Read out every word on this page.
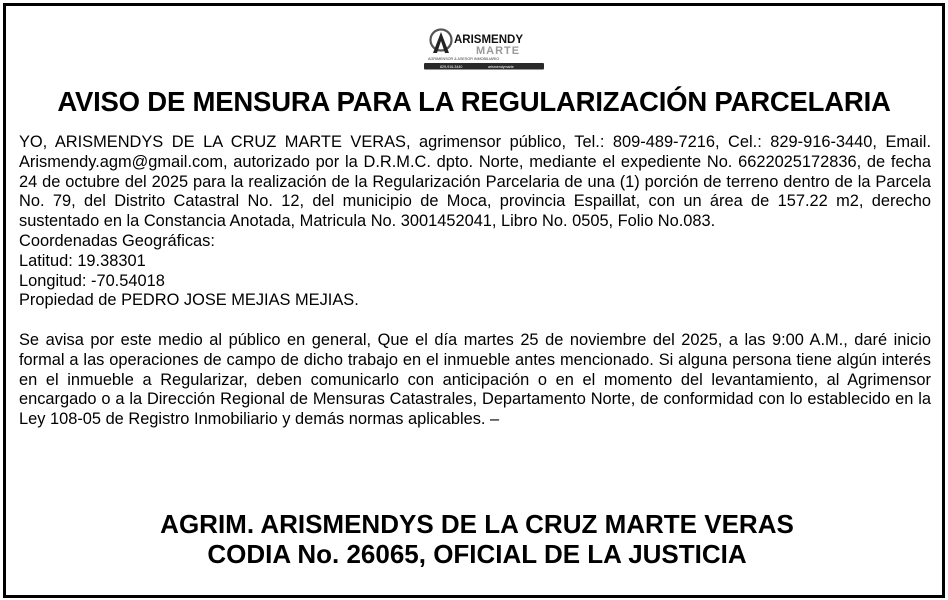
ARISMENDY
MARTE
AGRIMENSOR & ASESOR INMOBILIARIO
829-916-3440	arismendymarte
AVISO DE MENSURA PARA LA REGULARIZACIÓN PARCELARIA

YO, ARISMENDYS DE LA CRUZ MARTE VERAS, agrimensor público, Tel.: 809-489-7216, Cel.: 829-916-3440, Email. Arismendy.agm@gmail.com, autorizado por la D.R.M.C. dpto. Norte, mediante el expediente No. 6622025172836, de fecha 24 de octubre del 2025 para la realización de la Regularización Parcelaria de una (1) porción de terreno dentro de la Parcela No. 79, del Distrito Catastral No. 12, del municipio de Moca, provincia Espaillat, con un área de 157.22 m2, derecho sustentado en la Constancia Anotada, Matricula No. 3001452041, Libro No. 0505, Folio No.083.

Coordenadas Geográficas:

Latitud: 19.38301

Longitud: -70.54018

Propiedad de PEDRO JOSE MEJIAS MEJIAS.

Se avisa por este medio al público en general, Que el día martes 25 de noviembre del 2025, a las 9:00 A.M., daré inicio formal a las operaciones de campo de dicho trabajo en el inmueble antes mencionado. Si alguna persona tiene algún interés en el inmueble a Regularizar, deben comunicarlo con anticipación o en el momento del levantamiento, al Agrimensor encargado o a la Dirección Regional de Mensuras Catastrales, Departamento Norte, de conformidad con lo establecido en la Ley 108-05 de Registro Inmobiliario y demás normas aplicables. –

AGRIM. ARISMENDYS DE LA CRUZ MARTE VERAS
CODIA No. 26065, OFICIAL DE LA JUSTICIA
